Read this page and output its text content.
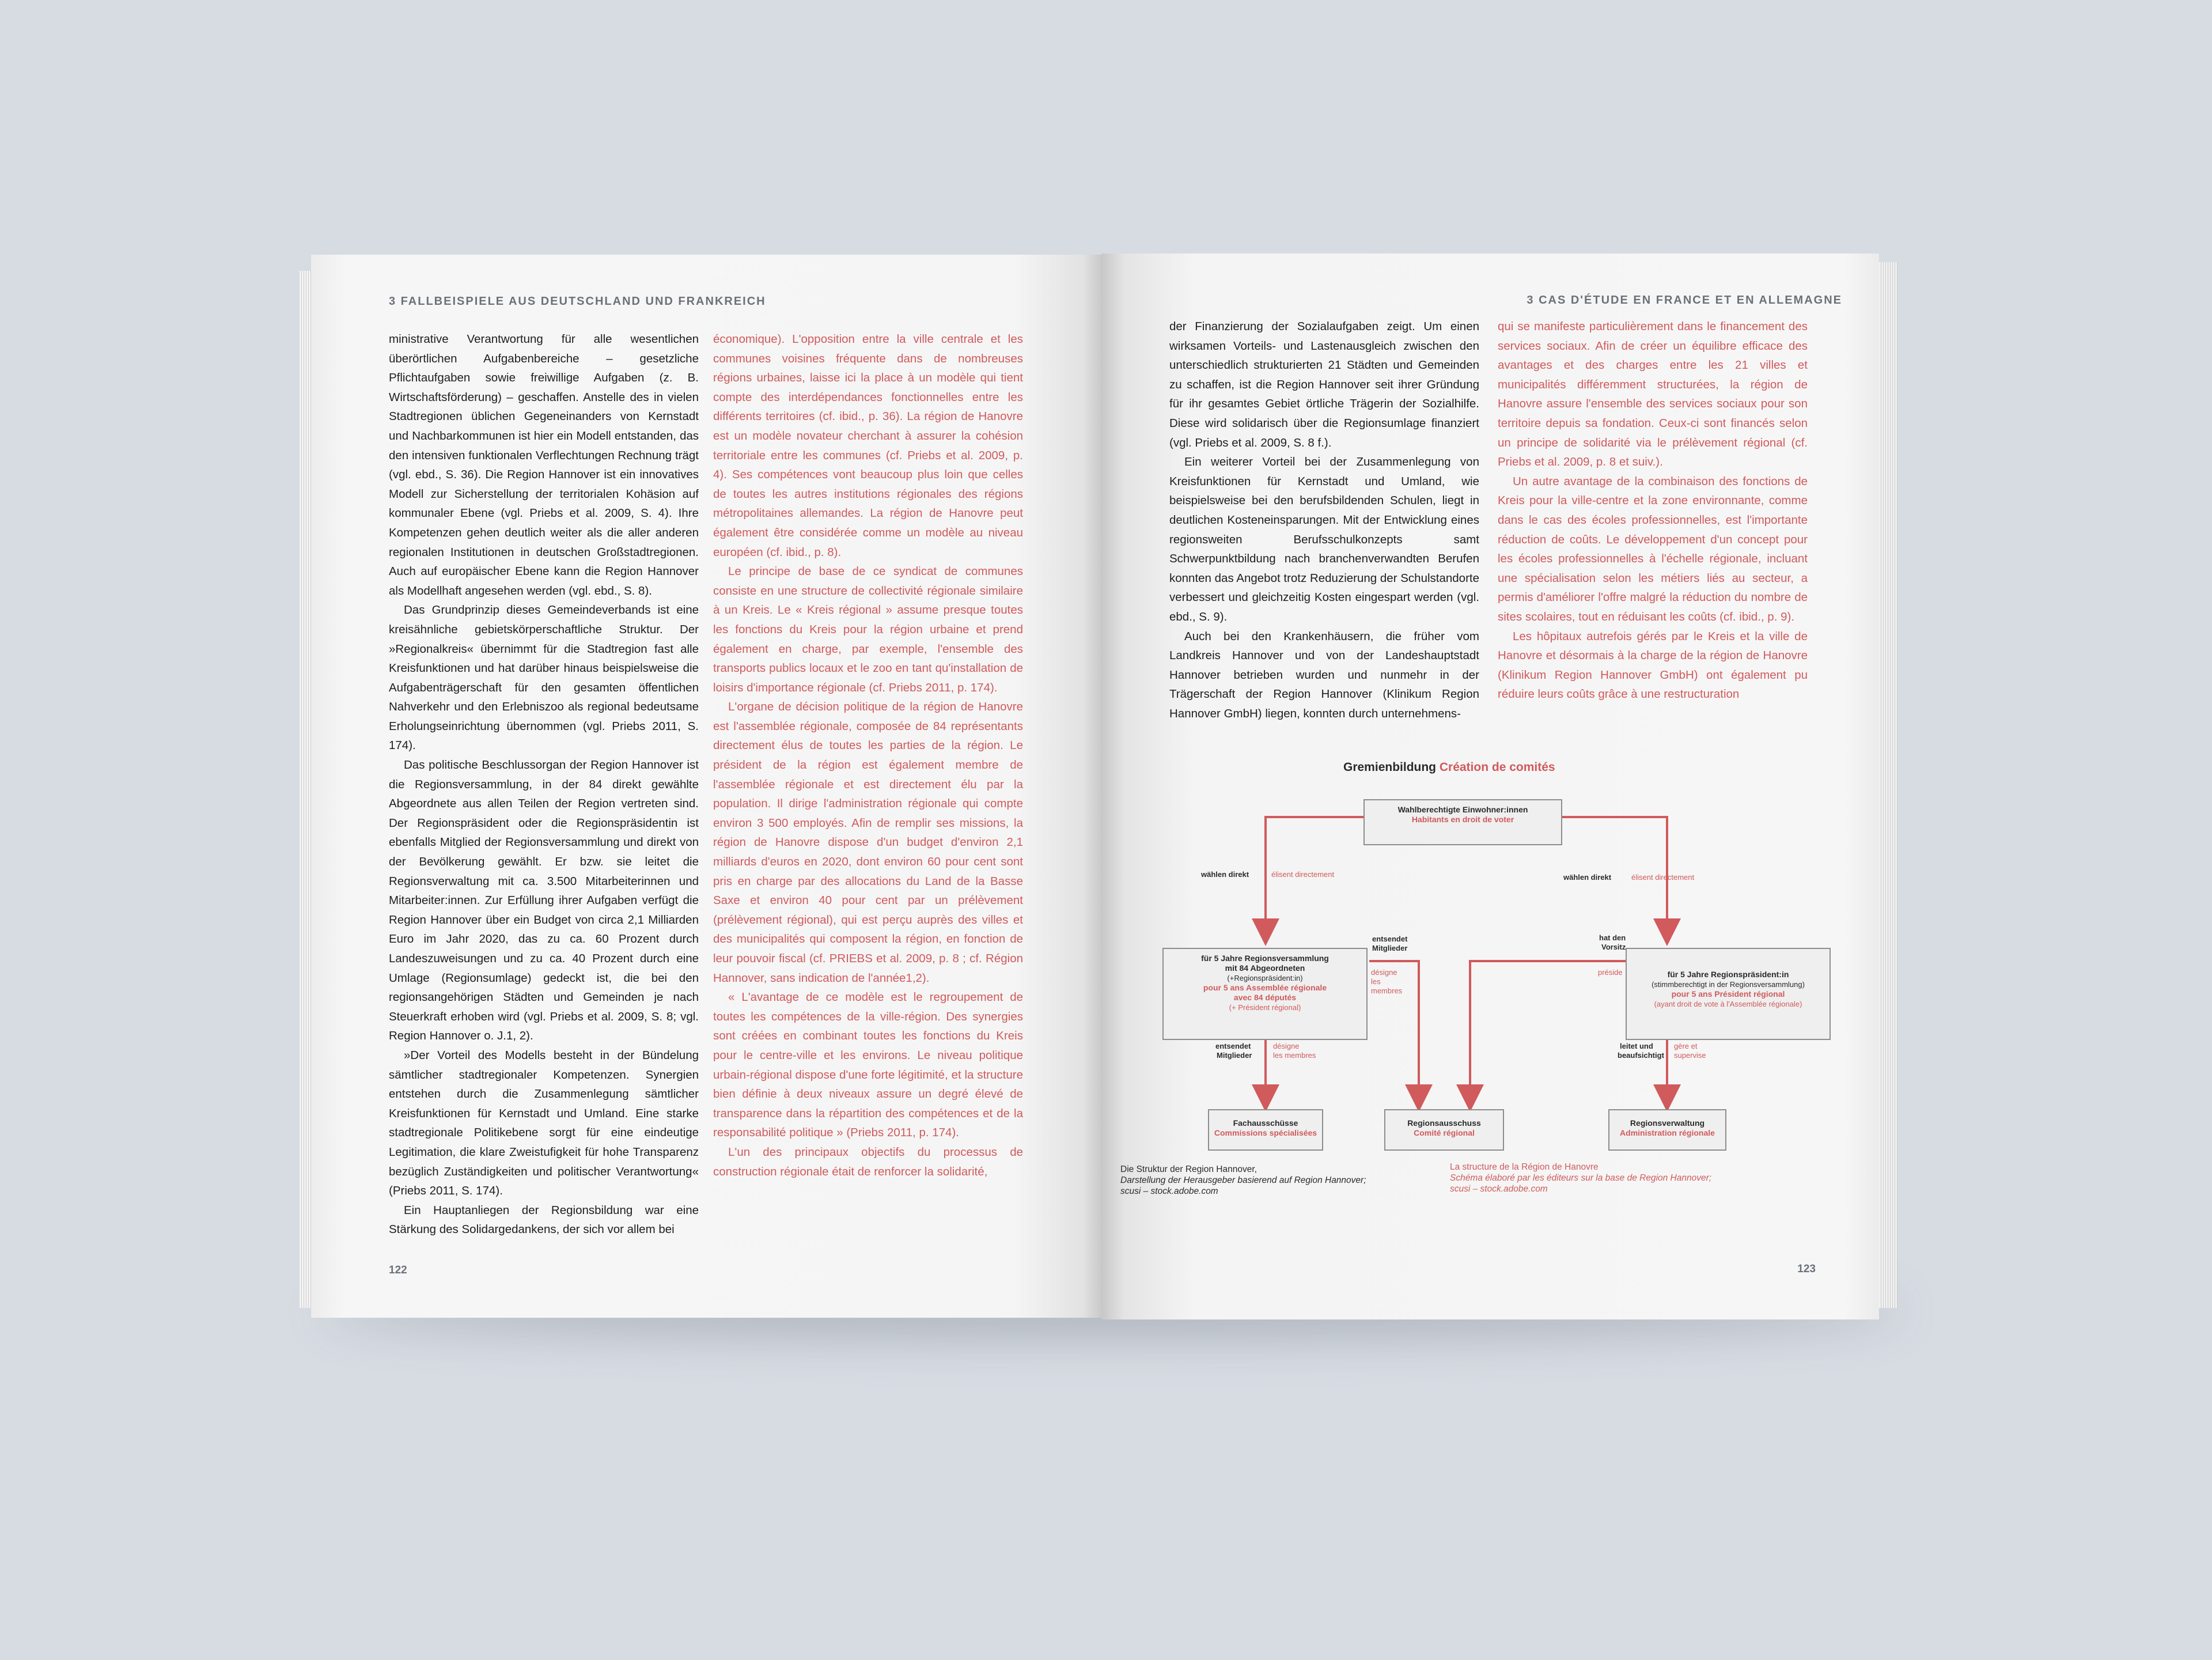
3 FALLBEISPIELE AUS DEUTSCHLAND UND FRANKREICH

ministrative Verantwortung für alle wesentlichen überörtlichen Aufgabenbereiche – gesetzliche Pflichtaufgaben sowie freiwillige Aufgaben (z. B. Wirtschaftsförderung) – geschaffen. Anstelle des in vielen Stadtregionen üblichen Gegeneinanders von Kernstadt und Nachbarkommunen ist hier ein Modell entstanden, das den intensiven funktionalen Verflechtungen Rechnung trägt (vgl. ebd., S. 36). Die Region Hannover ist ein innovatives Modell zur Sicherstellung der territorialen Kohäsion auf kommunaler Ebene (vgl. Priebs et al. 2009, S. 4). Ihre Kompetenzen gehen deutlich weiter als die aller anderen regionalen Institutionen in deutschen Großstadtregionen. Auch auf europäischer Ebene kann die Region Hannover als Modellhaft angesehen werden (vgl. ebd., S. 8).

Das Grundprinzip dieses Gemeindeverbands ist eine kreisähnliche gebietskörperschaftliche Struktur. Der »Regionalkreis« übernimmt für die Stadtregion fast alle Kreisfunktionen und hat darüber hinaus beispielsweise die Aufgabenträgerschaft für den gesamten öffentlichen Nahverkehr und den Erlebniszoo als regional bedeutsame Erholungseinrichtung übernommen (vgl. Priebs 2011, S. 174).

Das politische Beschlussorgan der Region Hannover ist die Regionsversammlung, in der 84 direkt gewählte Abgeordnete aus allen Teilen der Region vertreten sind. Der Regionspräsident oder die Regionspräsidentin ist ebenfalls Mitglied der Regionsversammlung und direkt von der Bevölkerung gewählt. Er bzw. sie leitet die Regionsverwaltung mit ca. 3.500 Mitarbeiterinnen und Mitarbeiter:innen. Zur Erfüllung ihrer Aufgaben verfügt die Region Hannover über ein Budget von circa 2,1 Milliarden Euro im Jahr 2020, das zu ca. 60 Prozent durch Landeszuweisungen und zu ca. 40 Prozent durch eine Umlage (Regionsumlage) gedeckt ist, die bei den regionsangehörigen Städten und Gemeinden je nach Steuerkraft erhoben wird (vgl. Priebs et al. 2009, S. 8; vgl. Region Hannover o. J.1, 2).

»Der Vorteil des Modells besteht in der Bündelung sämtlicher stadtregionaler Kompetenzen. Synergien entstehen durch die Zusammenlegung sämtlicher Kreisfunktionen für Kernstadt und Umland. Eine starke stadtregionale Politikebene sorgt für eine eindeutige Legitimation, die klare Zweistufigkeit für hohe Transparenz bezüglich Zuständigkeiten und politischer Verantwortung« (Priebs 2011, S. 174).

Ein Hauptanliegen der Regionsbildung war eine Stärkung des Solidargedankens, der sich vor allem bei

économique). L'opposition entre la ville centrale et les communes voisines fréquente dans de nombreuses régions urbaines, laisse ici la place à un modèle qui tient compte des interdépendances fonctionnelles entre les différents territoires (cf. ibid., p. 36). La région de Hanovre est un modèle novateur cherchant à assurer la cohésion territoriale entre les communes (cf. Priebs et al. 2009, p. 4). Ses compétences vont beaucoup plus loin que celles de toutes les autres institutions régionales des régions métropolitaines allemandes. La région de Hanovre peut également être considérée comme un modèle au niveau européen (cf. ibid., p. 8).

Le principe de base de ce syndicat de communes consiste en une structure de collectivité régionale similaire à un Kreis. Le « Kreis régional » assume presque toutes les fonctions du Kreis pour la région urbaine et prend également en charge, par exemple, l'ensemble des transports publics locaux et le zoo en tant qu'installation de loisirs d'importance régionale (cf. Priebs 2011, p. 174).

L'organe de décision politique de la région de Hanovre est l'assemblée régionale, composée de 84 représentants directement élus de toutes les parties de la région. Le président de la région est également membre de l'assemblée régionale et est directement élu par la population. Il dirige l'administration régionale qui compte environ 3 500 employés. Afin de remplir ses missions, la région de Hanovre dispose d'un budget d'environ 2,1 milliards d'euros en 2020, dont environ 60 pour cent sont pris en charge par des allocations du Land de la Basse Saxe et environ 40 pour cent par un prélèvement (prélèvement régional), qui est perçu auprès des villes et des municipalités qui composent la région, en fonction de leur pouvoir fiscal (cf. PRIEBS et al. 2009, p. 8 ; cf. Région Hannover, sans indication de l'année1,2).

« L'avantage de ce modèle est le regroupement de toutes les compétences de la ville-région. Des synergies sont créées en combinant toutes les fonctions du Kreis pour le centre-ville et les environs. Le niveau politique urbain-régional dispose d'une forte légitimité, et la structure bien définie à deux niveaux assure un degré élevé de transparence dans la répartition des compétences et de la responsabilité politique » (Priebs 2011, p. 174).

L'un des principaux objectifs du processus de construction régionale était de renforcer la solidarité,

122
3 CAS D'ÉTUDE EN FRANCE ET EN ALLEMAGNE

der Finanzierung der Sozialaufgaben zeigt. Um einen wirksamen Vorteils- und Lastenausgleich zwischen den unterschiedlich strukturierten 21 Städten und Gemeinden zu schaffen, ist die Region Hannover seit ihrer Gründung für ihr gesamtes Gebiet örtliche Trägerin der Sozialhilfe. Diese wird solidarisch über die Regionsumlage finanziert (vgl. Priebs et al. 2009, S. 8 f.).

Ein weiterer Vorteil bei der Zusammenlegung von Kreisfunktionen für Kernstadt und Umland, wie beispielsweise bei den berufsbildenden Schulen, liegt in deutlichen Kosteneinsparungen. Mit der Entwicklung eines regionsweiten Berufsschulkonzepts samt Schwerpunktbildung nach branchenverwandten Berufen konnten das Angebot trotz Reduzierung der Schulstandorte verbessert und gleichzeitig Kosten eingespart werden (vgl. ebd., S. 9).

Auch bei den Krankenhäusern, die früher vom Landkreis Hannover und von der Landeshauptstadt Hannover betrieben wurden und nunmehr in der Trägerschaft der Region Hannover (Klinikum Region Hannover GmbH) liegen, konnten durch unternehmens-

qui se manifeste particulièrement dans le financement des services sociaux. Afin de créer un équilibre efficace des avantages et des charges entre les 21 villes et municipalités différemment structurées, la région de Hanovre assure l'ensemble des services sociaux pour son territoire depuis sa fondation. Ceux-ci sont financés selon un principe de solidarité via le prélèvement régional (cf. Priebs et al. 2009, p. 8 et suiv.).

Un autre avantage de la combinaison des fonctions de Kreis pour la ville-centre et la zone environnante, comme dans le cas des écoles professionnelles, est l'importante réduction de coûts. Le développement d'un concept pour les écoles professionnelles à l'échelle régionale, incluant une spécialisation selon les métiers liés au secteur, a permis d'améliorer l'offre malgré la réduction du nombre de sites scolaires, tout en réduisant les coûts (cf. ibid., p. 9).

Les hôpitaux autrefois gérés par le Kreis et la ville de Hanovre et désormais à la charge de la région de Hanovre (Klinikum Region Hannover GmbH) ont également pu réduire leurs coûts grâce à une restructuration

Gremienbildung Création de comités
Wahlberechtigte Einwohner:innen
Habitants en droit de voter
für 5 Jahre Regionsversammlung
mit 84 Abgeordneten
(+Regionspräsident:in)
pour 5 ans Assemblée régionale
avec 84 députés
(+ Président régional)
für 5 Jahre Regionspräsident:in
(stimmberechtigt in der Regionsversammlung)
pour 5 ans Président régional
(ayant droit de vote à l'Assemblée régionale)
Fachausschüsse
Commissions spécialisées
Regionsausschuss
Comité régional
Regionsverwaltung
Administration régionale
wählen direkt	élisent directement	wählen direkt	élisent directement
entsendet
Mitglieder
désigne
les
membres
hat den
Vorsitz
préside
entsendet
Mitglieder
désigne
les membres
leitet und
beaufsichtigt
gère et
supervise
Die Struktur der Region Hannover,
Darstellung der Herausgeber basierend auf Region Hannover;
scusi – stock.adobe.com
La structure de la Région de Hanovre
Schéma élaboré par les éditeurs sur la base de Region Hannover;
scusi – stock.adobe.com
123
